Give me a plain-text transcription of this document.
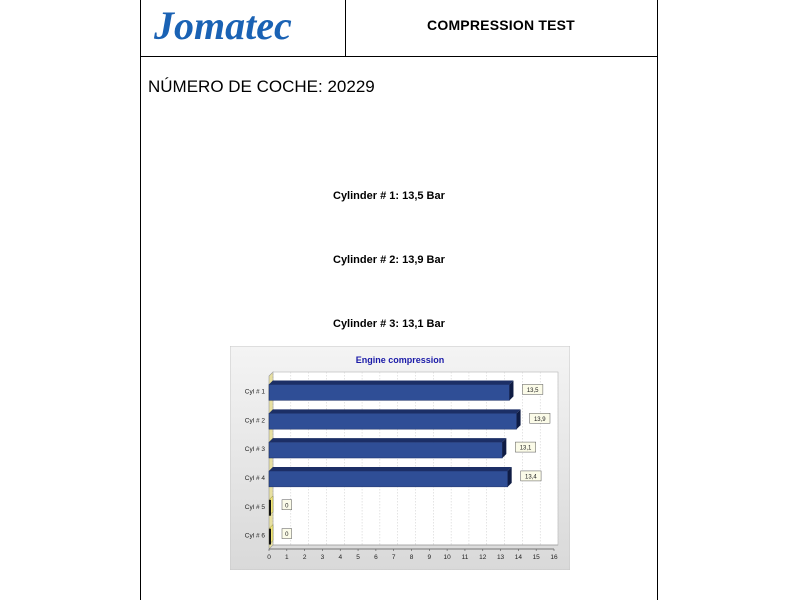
Jomatec	COMPRESSION TEST
NÚMERO DE COCHE: 20229

Cylinder # 1: 13,5 Bar

Cylinder # 2: 13,9 Bar

Cylinder # 3: 13,1 Bar

Engine compression
0 1 2 3 4 5 6 7 8 9 10 11 12 13 14 15 16
Cyl # 1	13,5
Cyl # 2	13,9
Cyl # 3	13,1
Cyl # 4	13,4
Cyl # 5	0
Cyl # 6	0
